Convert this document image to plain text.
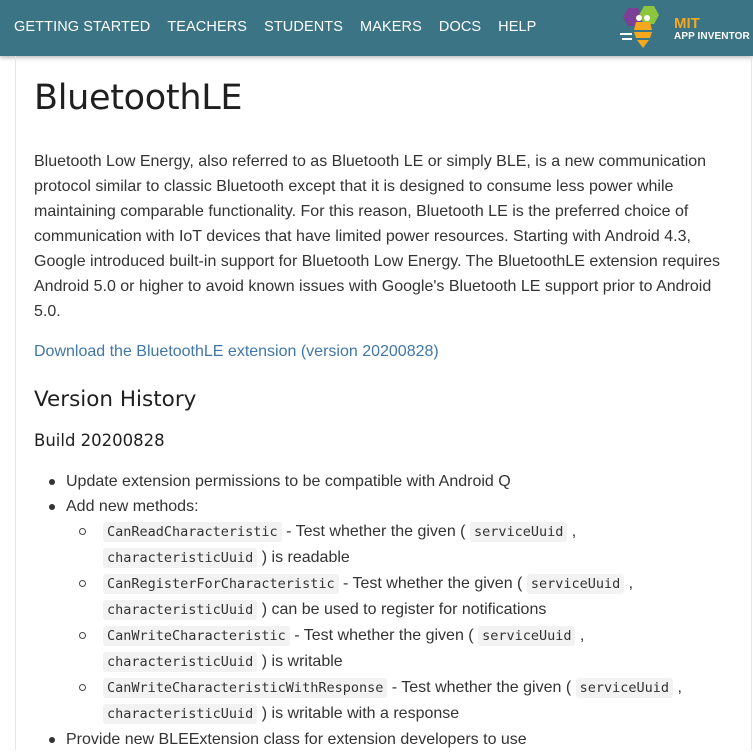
GETTING STARTED TEACHERS STUDENTS MAKERS DOCS HELP	MIT
APP INVENTOR
BluetoothLE

Bluetooth Low Energy, also referred to as Bluetooth LE or simply BLE, is a new communication protocol similar to classic Bluetooth except that it is designed to consume less power while maintaining comparable functionality. For this reason, Bluetooth LE is the preferred choice of communication with IoT devices that have limited power resources. Starting with Android 4.3, Google introduced built-in support for Bluetooth Low Energy. The BluetoothLE extension requires Android 5.0 or higher to avoid known issues with Google's Bluetooth LE support prior to Android 5.0.

Download the BluetoothLE extension (version 20200828)
Version History
Build 20200828
Update extension permissions to be compatible with Android Q
Add new methods:
CanReadCharacteristic - Test whether the given ( serviceUuid , characteristicUuid ) is readable
CanRegisterForCharacteristic - Test whether the given ( serviceUuid , characteristicUuid ) can be used to register for notifications
CanWriteCharacteristic - Test whether the given ( serviceUuid , characteristicUuid ) is writable
CanWriteCharacteristicWithResponse - Test whether the given ( serviceUuid , characteristicUuid ) is writable with a response
Provide new BLEExtension class for extension developers to use
